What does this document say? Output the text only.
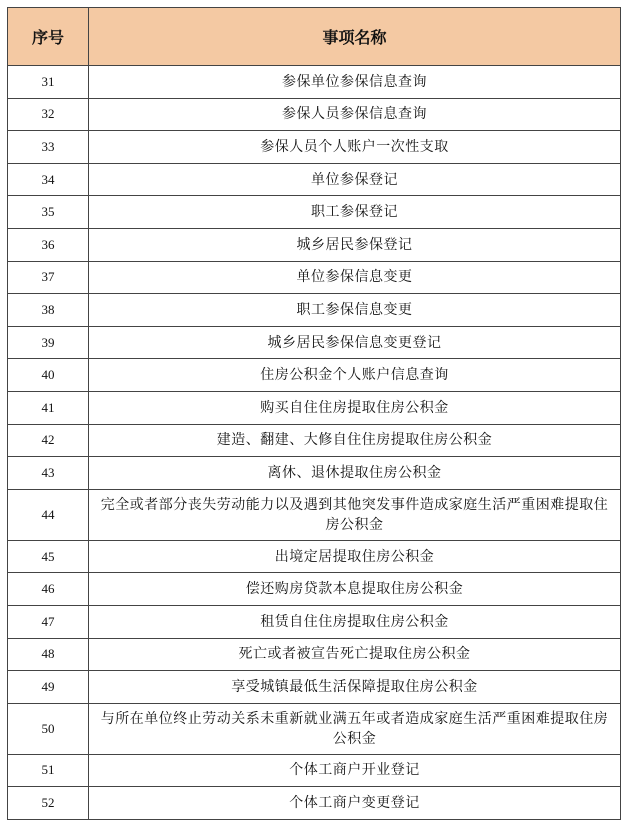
序号	事项名称
31	参保单位参保信息查询
32	参保人员参保信息查询
33	参保人员个人账户一次性支取
34	单位参保登记
35	职工参保登记
36	城乡居民参保登记
37	单位参保信息变更
38	职工参保信息变更
39	城乡居民参保信息变更登记
40	住房公积金个人账户信息查询
41	购买自住住房提取住房公积金
42	建造、翻建、大修自住住房提取住房公积金
43	离休、退休提取住房公积金
44	完全或者部分丧失劳动能力以及遇到其他突发事件造成家庭生活严重困难提取住房公积金
45	出境定居提取住房公积金
46	偿还购房贷款本息提取住房公积金
47	租赁自住住房提取住房公积金
48	死亡或者被宣告死亡提取住房公积金
49	享受城镇最低生活保障提取住房公积金
50	与所在单位终止劳动关系未重新就业满五年或者造成家庭生活严重困难提取住房公积金
51	个体工商户开业登记
52	个体工商户变更登记
